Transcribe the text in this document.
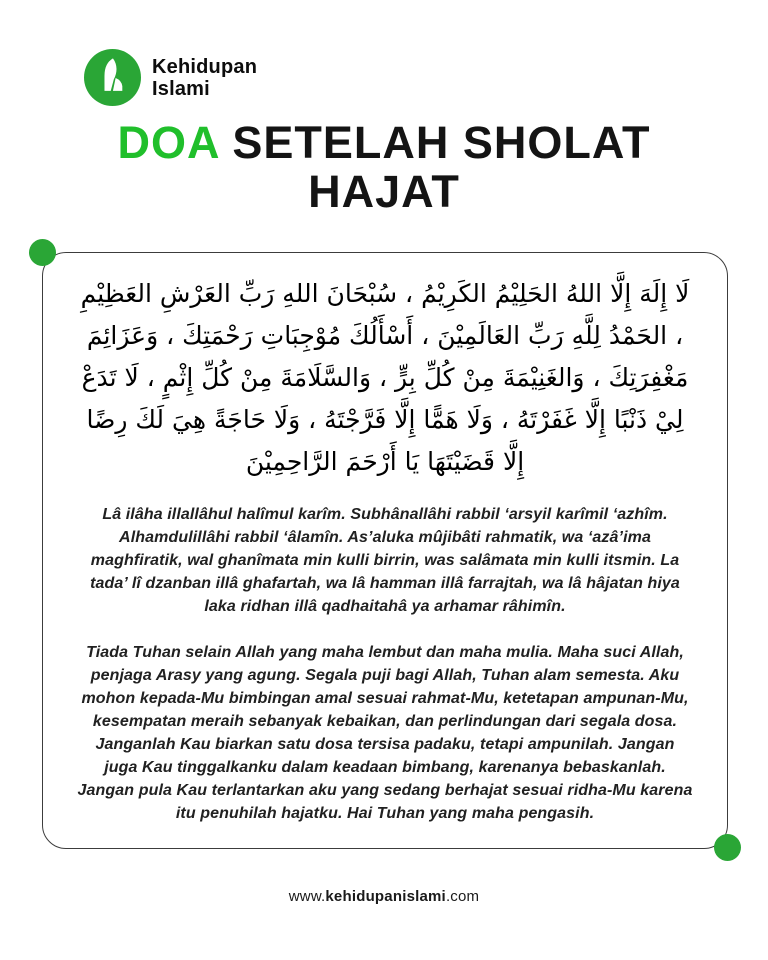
Kehidupan
Islami
DOA SETELAH SHOLAT
HAJAT

لَا إِلَهَ إِلَّا اللهُ الحَلِيْمُ الكَرِيْمُ ، سُبْحَانَ اللهِ رَبِّ العَرْشِ العَظِيْمِ ، الحَمْدُ لِلَّهِ رَبِّ العَالَمِيْنَ ، أَسْأَلُكَ مُوْجِبَاتِ رَحْمَتِكَ ، وَعَزَائِمَ مَغْفِرَتِكَ ، وَالغَنِيْمَةَ مِنْ كُلِّ بِرٍّ ، وَالسَّلَامَةَ مِنْ كُلِّ إِثْمٍ ، لَا تَدَعْ لِيْ ذَنْبًا إِلَّا غَفَرْتَهُ ، وَلَا هَمًّا إِلَّا فَرَّجْتَهُ ، وَلَا حَاجَةً هِيَ لَكَ رِضًا إِلَّا قَضَيْتَهَا يَا أَرْحَمَ الرَّاحِمِيْنَ

Lâ ilâha illallâhul halîmul karîm. Subhânallâhi rabbil ‘arsyil karîmil ‘azhîm. Alhamdulillâhi rabbil ‘âlamîn. As’aluka mûjibâti rahmatik, wa ‘azâ’ima maghfiratik, wal ghanîmata min kulli birrin, was salâmata min kulli itsmin. La tada’ lî dzanban illâ ghafartah, wa lâ hamman illâ farrajtah, wa lâ hâjatan hiya laka ridhan illâ qadhaitahâ ya arhamar râhimîn.

Tiada Tuhan selain Allah yang maha lembut dan maha mulia. Maha suci Allah, penjaga Arasy yang agung. Segala puji bagi Allah, Tuhan alam semesta. Aku mohon kepada-Mu bimbingan amal sesuai rahmat-Mu, ketetapan ampunan-Mu, kesempatan meraih sebanyak kebaikan, dan perlindungan dari segala dosa. Janganlah Kau biarkan satu dosa tersisa padaku, tetapi ampunilah. Jangan juga Kau tinggalkanku dalam keadaan bimbang, karenanya bebaskanlah. Jangan pula Kau terlantarkan aku yang sedang berhajat sesuai ridha-Mu karena itu penuhilah hajatku. Hai Tuhan yang maha pengasih.

www.kehidupanislami.com
